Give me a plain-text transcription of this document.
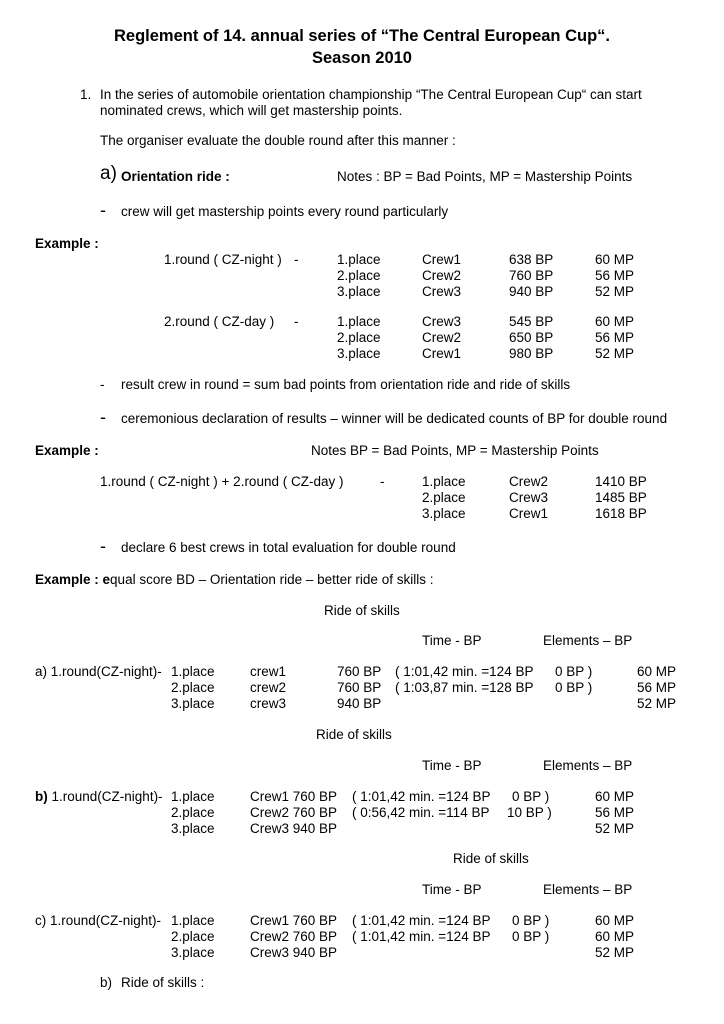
Reglement of 14. annual series of “The Central European Cup“.
Season 2010
1. In the series of automobile orientation championship “The Central European Cup“ can start
nominated crews, which will get mastership points.
The organiser evaluate the double round after this manner :
a) Orientation ride :	Notes : BP = Bad Points, MP = Mastership Points
- crew will get mastership points every round particularly
Example :
1.round ( CZ-night ) -	1.place	Crew1	638 BP	60 MP
2.place	Crew2	760 BP	56 MP
3.place	Crew3	940 BP	52 MP
2.round ( CZ-day ) -	1.place	Crew3	545 BP	60 MP
2.place	Crew2	650 BP	56 MP
3.place	Crew1	980 BP	52 MP
- result crew in round = sum bad points from orientation ride and ride of skills
- ceremonious declaration of results – winner will be dedicated counts of BP for double round
Example :	Notes BP = Bad Points, MP = Mastership Points
1.round ( CZ-night ) + 2.round ( CZ-day )	-	1.place	Crew2	1410 BP
2.place	Crew3	1485 BP
3.place	Crew1	1618 BP
- declare 6 best crews in total evaluation for double round
Example : equal score BD – Orientation ride – better ride of skills :
Ride of skills
Time - BP	Elements – BP
a) 1.round(CZ-night)- 1.place	crew1	760 BP ( 1:01,42 min. =124 BP 0 BP )	60 MP
2.place	crew2	760 BP ( 1:03,87 min. =128 BP 0 BP )	56 MP
3.place	crew3	940 BP	52 MP
Ride of skills
Time - BP	Elements – BP
b) 1.round(CZ-night)- 1.place	Crew1 760 BP ( 1:01,42 min. =124 BP 0 BP )	60 MP
2.place	Crew2 760 BP ( 0:56,42 min. =114 BP 10 BP )	56 MP
3.place	Crew3 940 BP	52 MP
Ride of skills
Time - BP	Elements – BP
c) 1.round(CZ-night)- 1.place	Crew1 760 BP ( 1:01,42 min. =124 BP 0 BP )	60 MP
2.place	Crew2 760 BP ( 1:01,42 min. =124 BP 0 BP )	60 MP
3.place	Crew3 940 BP	52 MP
b) Ride of skills :
